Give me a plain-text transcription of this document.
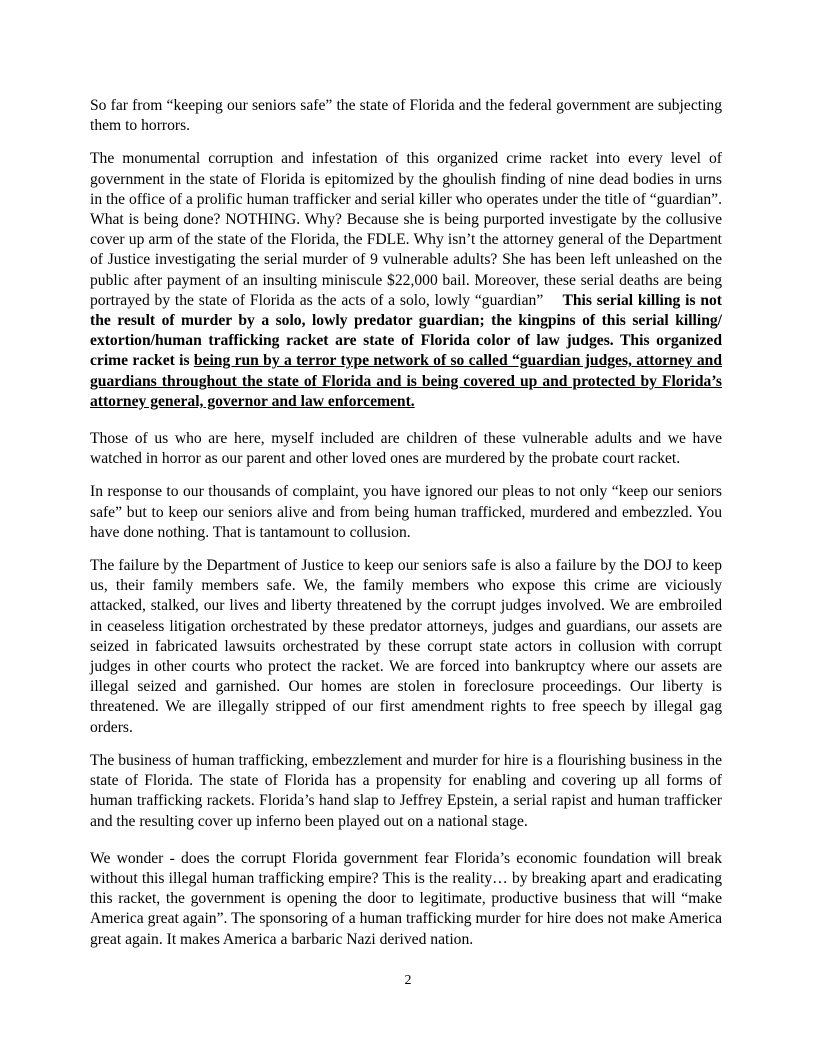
So far from “keeping our seniors safe” the state of Florida and the federal government are subjecting them to horrors.

The monumental corruption and infestation of this organized crime racket into every level of government in the state of Florida is epitomized by the ghoulish finding of nine dead bodies in urns in the office of a prolific human trafficker and serial killer who operates under the title of “guardian”. What is being done? NOTHING. Why? Because she is being purported investigate by the collusive cover up arm of the state of the Florida, the FDLE. Why isn’t the attorney general of the Department of Justice investigating the serial murder of 9 vulnerable adults? She has been left unleashed on the public after payment of an insulting miniscule $22,000 bail. Moreover, these serial deaths are being portrayed by the state of Florida as the acts of a solo, lowly “guardian”    This serial killing is not the result of murder by a solo, lowly predator guardian; the kingpins of this serial killing/ extortion/human trafficking racket are state of Florida color of law judges. This organized crime racket is being run by a terror type network of so called “guardian judges, attorney and guardians throughout the state of Florida and is being covered up and protected by Florida’s attorney general, governor and law enforcement.

Those of us who are here, myself included are children of these vulnerable adults and we have watched in horror as our parent and other loved ones are murdered by the probate court racket.

In response to our thousands of complaint, you have ignored our pleas to not only “keep our seniors safe” but to keep our seniors alive and from being human trafficked, murdered and embezzled. You have done nothing. That is tantamount to collusion.

The failure by the Department of Justice to keep our seniors safe is also a failure by the DOJ to keep us, their family members safe. We, the family members who expose this crime are viciously attacked, stalked, our lives and liberty threatened by the corrupt judges involved. We are embroiled in ceaseless litigation orchestrated by these predator attorneys, judges and guardians, our assets are seized in fabricated lawsuits orchestrated by these corrupt state actors in collusion with corrupt judges in other courts who protect the racket. We are forced into bankruptcy where our assets are illegal seized and garnished. Our homes are stolen in foreclosure proceedings. Our liberty is threatened. We are illegally stripped of our first amendment rights to free speech by illegal gag orders.

The business of human trafficking, embezzlement and murder for hire is a flourishing business in the state of Florida. The state of Florida has a propensity for enabling and covering up all forms of human trafficking rackets. Florida’s hand slap to Jeffrey Epstein, a serial rapist and human trafficker and the resulting cover up inferno been played out on a national stage.

We wonder - does the corrupt Florida government fear Florida’s economic foundation will break without this illegal human trafficking empire? This is the reality… by breaking apart and eradicating this racket, the government is opening the door to legitimate, productive business that will “make America great again”. The sponsoring of a human trafficking murder for hire does not make America great again. It makes America a barbaric Nazi derived nation.

2
